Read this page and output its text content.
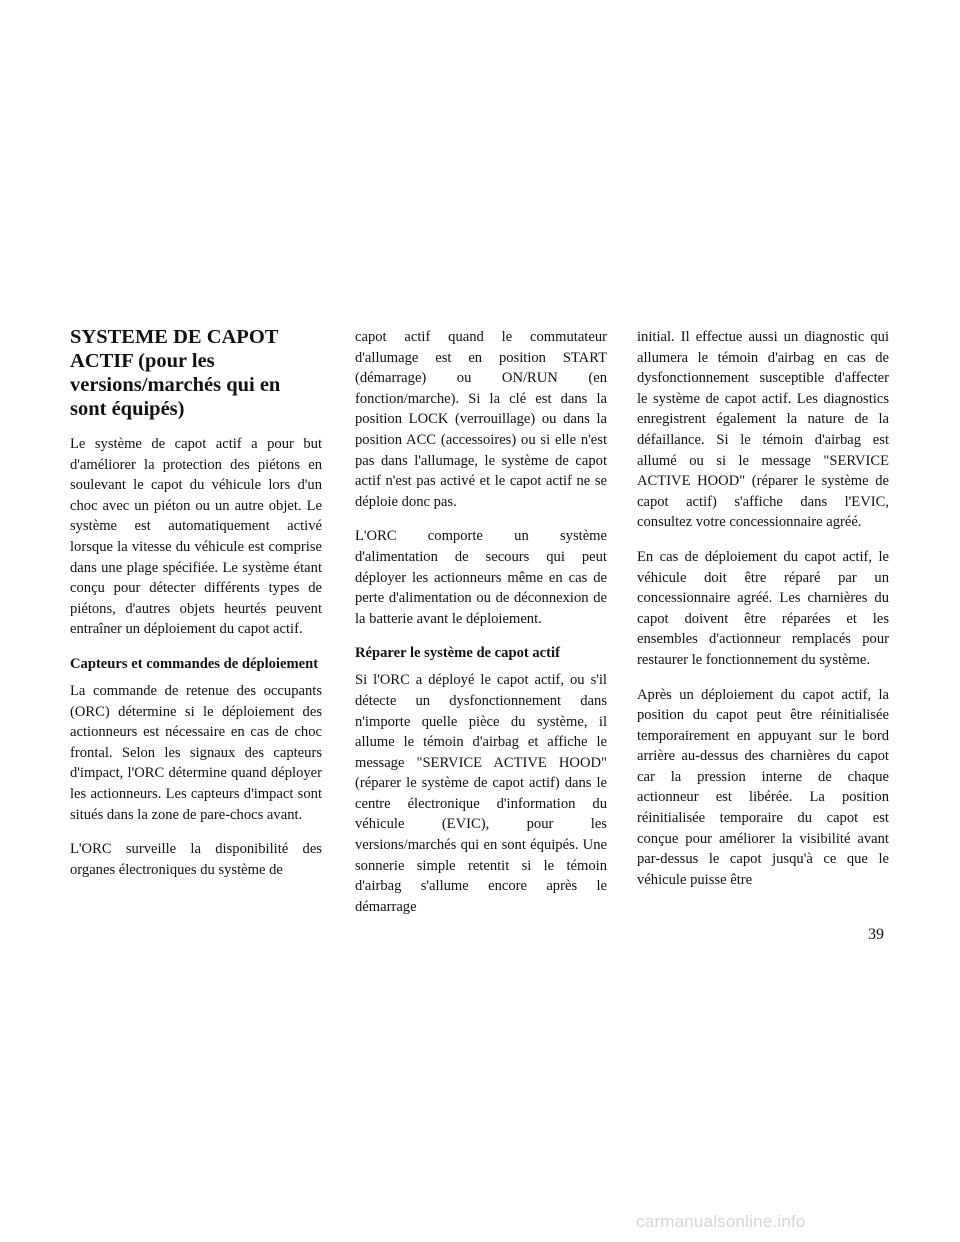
SYSTEME DE CAPOT ACTIF (pour les versions/marchés qui en sont équipés)

Le système de capot actif a pour but d'améliorer la protection des piétons en soulevant le capot du véhicule lors d'un choc avec un piéton ou un autre objet. Le système est automatiquement activé lorsque la vitesse du véhicule est comprise dans une plage spécifiée. Le système étant conçu pour détecter différents types de piétons, d'autres objets heurtés peuvent entraîner un déploiement du capot actif.

Capteurs et commandes de déploiement

La commande de retenue des occupants (ORC) détermine si le déploiement des actionneurs est nécessaire en cas de choc frontal. Selon les signaux des capteurs d'impact, l'ORC détermine quand déployer les actionneurs. Les capteurs d'impact sont situés dans la zone de pare-chocs avant.

L'ORC surveille la disponibilité des organes électroniques du système de

capot actif quand le commutateur d'allumage est en position START (démarrage) ou ON/RUN (en fonction/marche). Si la clé est dans la position LOCK (verrouillage) ou dans la position ACC (accessoires) ou si elle n'est pas dans l'allumage, le système de capot actif n'est pas activé et le capot actif ne se déploie donc pas.

L'ORC comporte un système d'alimentation de secours qui peut déployer les actionneurs même en cas de perte d'alimentation ou de déconnexion de la batterie avant le déploiement.

Réparer le système de capot actif

Si l'ORC a déployé le capot actif, ou s'il détecte un dysfonctionnement dans n'importe quelle pièce du système, il allume le témoin d'airbag et affiche le message "SERVICE ACTIVE HOOD" (réparer le système de capot actif) dans le centre électronique d'information du véhicule (EVIC), pour les versions/marchés qui en sont équipés. Une sonnerie simple retentit si le témoin d'airbag s'allume encore après le démarrage

initial. Il effectue aussi un diagnostic qui allumera le témoin d'airbag en cas de dysfonctionnement susceptible d'affecter le système de capot actif. Les diagnostics enregistrent également la nature de la défaillance. Si le témoin d'airbag est allumé ou si le message "SERVICE ACTIVE HOOD" (réparer le système de capot actif) s'affiche dans l'EVIC, consultez votre concessionnaire agréé.

En cas de déploiement du capot actif, le véhicule doit être réparé par un concessionnaire agréé. Les charnières du capot doivent être réparées et les ensembles d'actionneur remplacés pour restaurer le fonctionnement du système.

Après un déploiement du capot actif, la position du capot peut être réinitialisée temporairement en appuyant sur le bord arrière au-dessus des charnières du capot car la pression interne de chaque actionneur est libérée. La position réinitialisée temporaire du capot est conçue pour améliorer la visibilité avant par-dessus le capot jusqu'à ce que le véhicule puisse être

39
carmanualsonline.info
